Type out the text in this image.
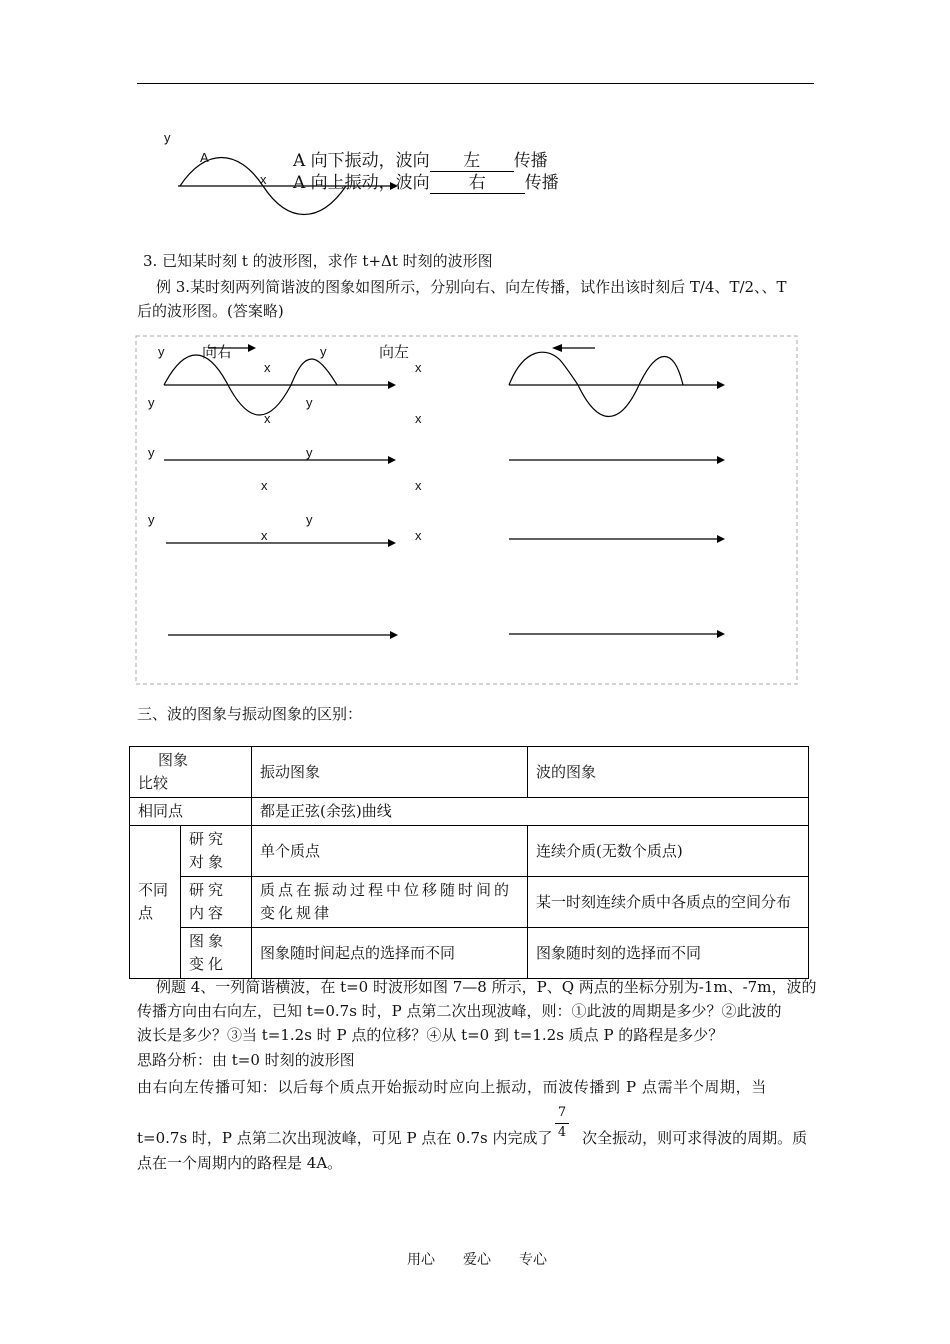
y
A
x
A 向下振动，波向 左 传播
A 向上振动，波向 右 传播
3. 已知某时刻 t 的波形图，求作 t+Δt 时刻的波形图
例 3.某时刻两列简谐波的图象如图所示，分别向右、向左传播，试作出该时刻后 T/4、T/2、、T
后的波形图。(答案略)
向右	向左
y	y
x	x
y	y
x	x
y	y
x	x
y	y
x	x
三、波的图象与振动图象的区别：
图象
比较		振动图象	波的图象
相同点		都是正弦(余弦)曲线	
不同点	研究对象	单个质点	连续介质(无数个质点)
	研究内容	质点在振动过程中位移随时间的变化规律	某一时刻连续介质中各质点的空间分布
	图象变化	图象随时间起点的选择而不同	图象随时刻的选择而不同
例题 4、一列简谐横波，在 t=0 时波形如图 7—8 所示，P、Q 两点的坐标分别为-1m、-7m，波的
传播方向由右向左，已知 t=0.7s 时，P 点第二次出现波峰，则：①此波的周期是多少？②此波的
波长是多少？③当 t=1.2s 时 P 点的位移？④从 t=0 到 t=1.2s 质点 P 的路程是多少？
思路分析：由 t=0 时刻的波形图
由右向左传播可知：以后每个质点开始振动时应向上振动，而波传播到 P 点需半个周期，当
t=0.7s 时，P 点第二次出现波峰，可见 P 点在 0.7s 内完成了 次全振动，则可求得波的周期。质
$\frac{7}{4}$
点在一个周期内的路程是 4A。
用心　　爱心　　专心
